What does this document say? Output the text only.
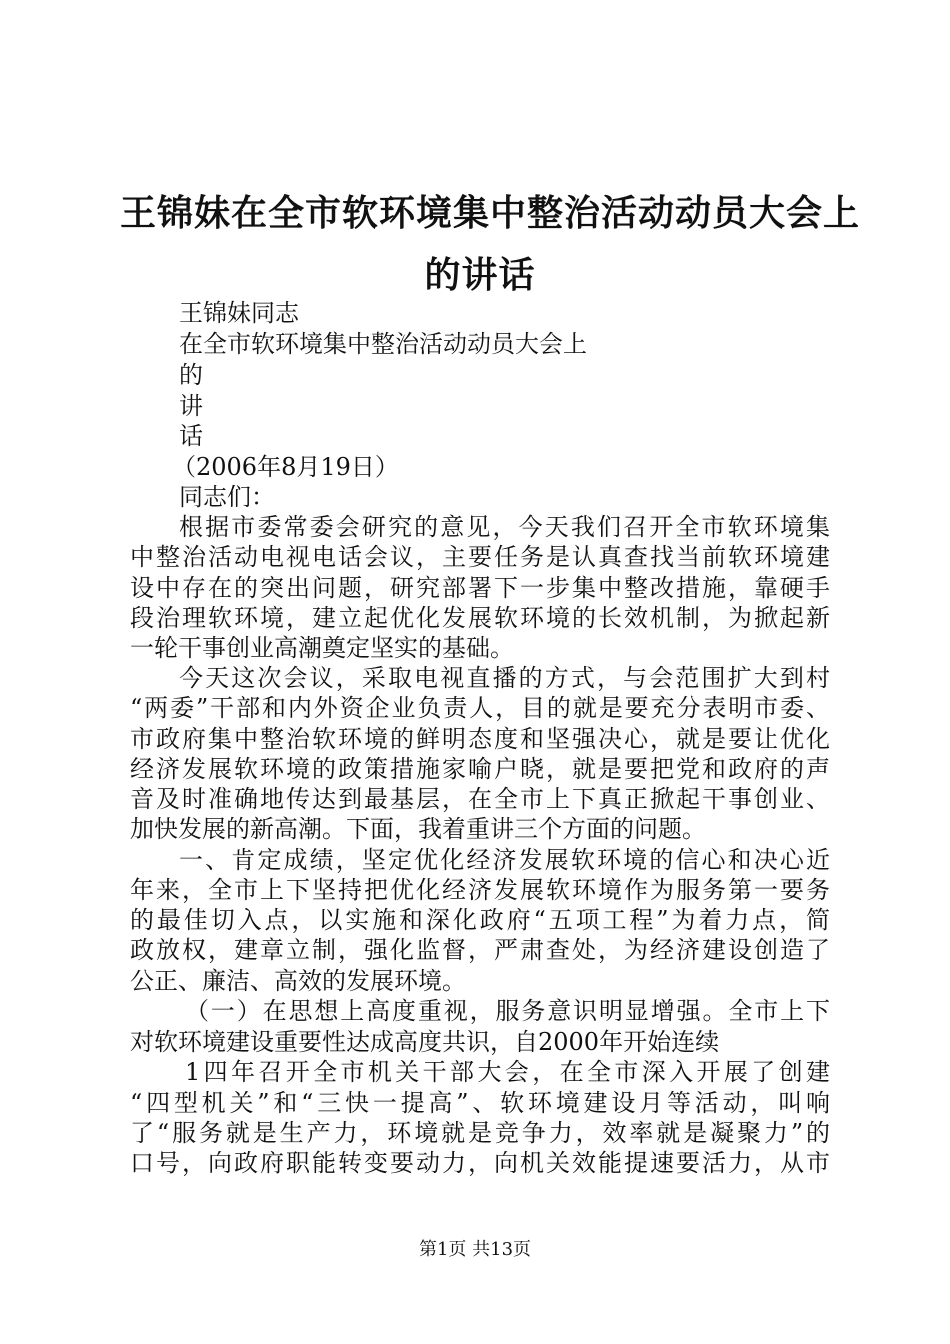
王锦妹在全市软环境集中整治活动动员大会上
的讲话
王锦妹同志
在全市软环境集中整治活动动员大会上
的
讲
话
（2006年8月19日）
同志们：
根据市委常委会研究的意见，今天我们召开全市软环境集
中整治活动电视电话会议，主要任务是认真查找当前软环境建
设中存在的突出问题，研究部署下一步集中整改措施，靠硬手
段治理软环境，建立起优化发展软环境的长效机制，为掀起新
一轮干事创业高潮奠定坚实的基础。
今天这次会议，采取电视直播的方式，与会范围扩大到村
“两委”干部和内外资企业负责人，目的就是要充分表明市委、
市政府集中整治软环境的鲜明态度和坚强决心，就是要让优化
经济发展软环境的政策措施家喻户晓，就是要把党和政府的声
音及时准确地传达到最基层，在全市上下真正掀起干事创业、
加快发展的新高潮。下面，我着重讲三个方面的问题。
一、肯定成绩，坚定优化经济发展软环境的信心和决心近
年来，全市上下坚持把优化经济发展软环境作为服务第一要务
的最佳切入点，以实施和深化政府“五项工程”为着力点，简
政放权，建章立制，强化监督，严肃查处，为经济建设创造了
公正、廉洁、高效的发展环境。
（一）在思想上高度重视，服务意识明显增强。全市上下
对软环境建设重要性达成高度共识，自2000年开始连续
1四年召开全市机关干部大会，在全市深入开展了创建
“四型机关”和“三快一提高”、软环境建设月等活动，叫响
了“服务就是生产力，环境就是竞争力，效率就是凝聚力”的
口号，向政府职能转变要动力，向机关效能提速要活力，从市
第1页 共13页
